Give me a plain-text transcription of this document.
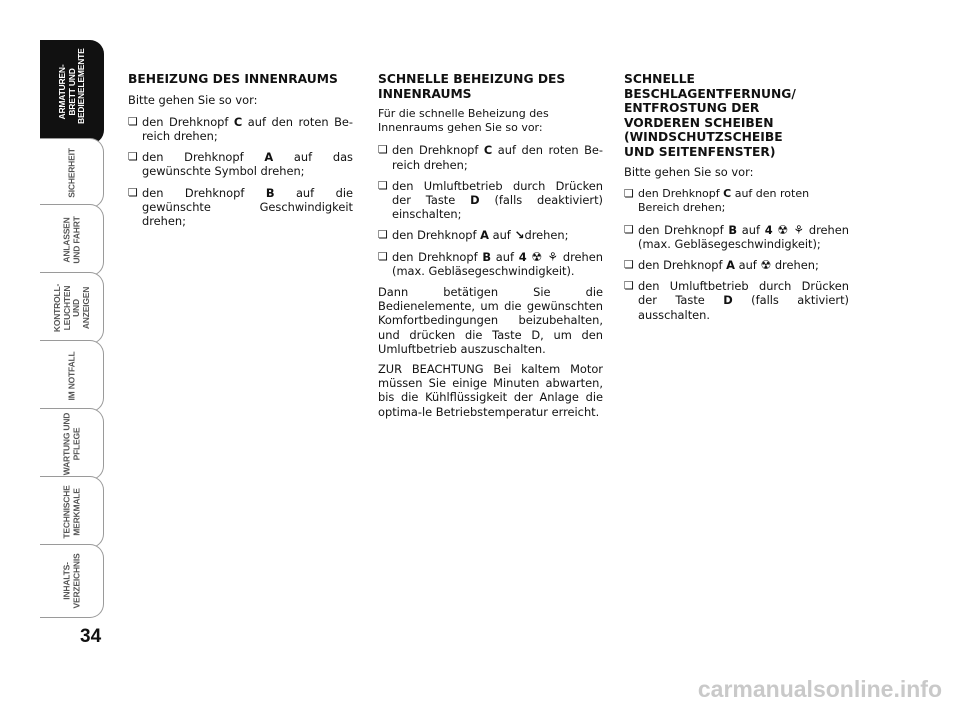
ARMATUREN-
BRETT UND
BEDIENELEMENTE
SICHERHEIT
ANLASSEN
UND FAHRT
KONTROLL-
LEUCHTEN UND
ANZEIGEN
IM NOTFALL
WARTUNG UND
PFLEGE
TECHNISCHE
MERKMALE
INHALTS-
VERZEICHNIS
34
BEHEIZUNG DES INNENRAUMS

Bitte gehen Sie so vor:

❏ den Drehknopf C auf den roten Be-reich drehen;
❏ den Drehknopf A auf das gewünschte Symbol drehen;
❏ den Drehknopf B auf die gewünschte Geschwindigkeit drehen;
SCHNELLE BEHEIZUNG DES INNENRAUMS

Für die schnelle Beheizung des Innenraums gehen Sie so vor:

❏ den Drehknopf C auf den roten Be-reich drehen;
❏ den Umluftbetrieb durch Drücken der Taste D (falls deaktiviert) einschalten;
❏ den Drehknopf A auf ↘drehen;
❏ den Drehknopf B auf 4 ☢ ⚘ drehen (max. Gebläsegeschwindigkeit).

Dann betätigen Sie die Bedienelemente, um die gewünschten Komfortbedingungen beizubehalten, und drücken die Taste D, um den Umluftbetrieb auszuschalten.

ZUR BEACHTUNG Bei kaltem Motor müssen Sie einige Minuten abwarten, bis die Kühlflüssigkeit der Anlage die optima-le Betriebstemperatur erreicht.

SCHNELLE
BESCHLAGENTFERNUNG/
ENTFROSTUNG DER
VORDEREN SCHEIBEN
(WINDSCHUTZSCHEIBE
UND SEITENFENSTER)

Bitte gehen Sie so vor:

❏ den Drehknopf C auf den roten Bereich drehen;
❏ den Drehknopf B auf 4 ☢ ⚘ drehen (max. Gebläsegeschwindigkeit);
❏ den Drehknopf A auf ☢ drehen;
❏ den Umluftbetrieb durch Drücken der Taste D (falls aktiviert) ausschalten.
carmanualsonline.info
